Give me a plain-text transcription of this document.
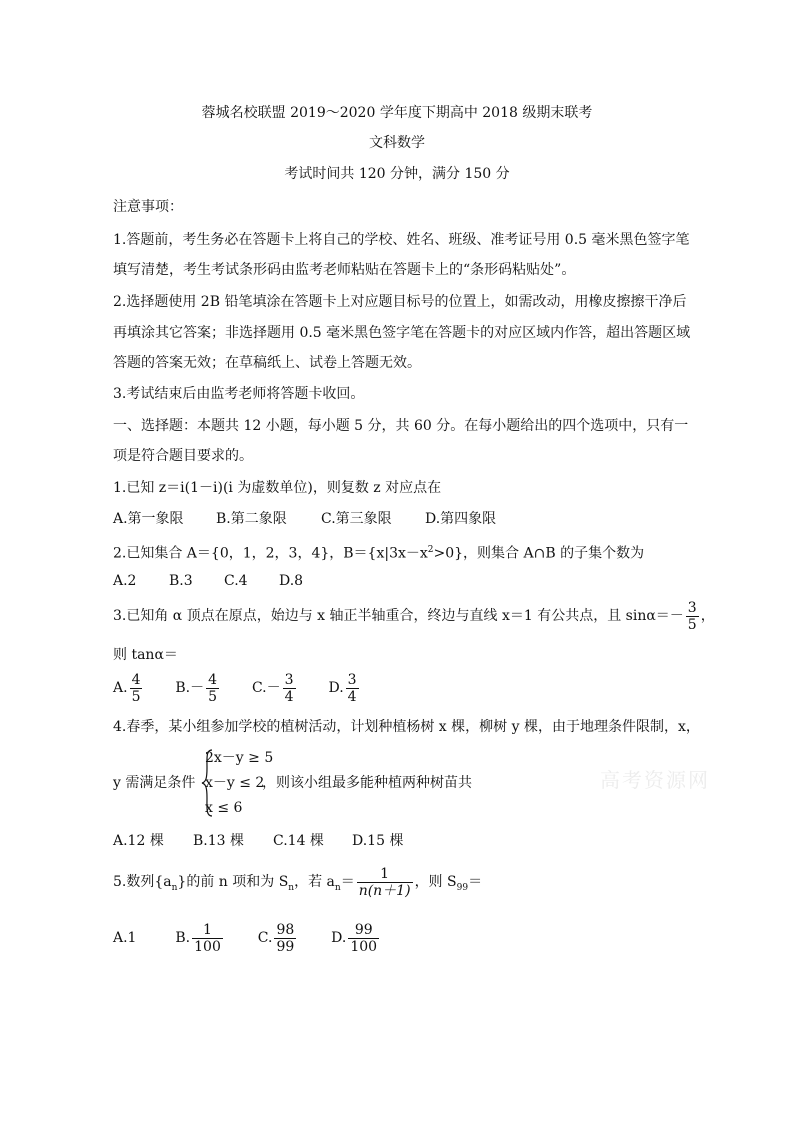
蓉城名校联盟 2019～2020 学年度下期高中 2018 级期末联考
文科数学
考试时间共 120 分钟，满分 150 分
注意事项：
1.答题前，考生务必在答题卡上将自己的学校、姓名、班级、准考证号用 0.5 毫米黑色签字笔
填写清楚，考生考试条形码由监考老师粘贴在答题卡上的“条形码粘贴处”。
2.选择题使用 2B 铅笔填涂在答题卡上对应题目标号的位置上，如需改动，用橡皮擦擦干净后
再填涂其它答案；非选择题用 0.5 毫米黑色签字笔在答题卡的对应区域内作答，超出答题区域
答题的答案无效；在草稿纸上、试卷上答题无效。
3.考试结束后由监考老师将答题卡收回。
一、选择题：本题共 12 小题，每小题 5 分，共 60 分。在每小题给出的四个选项中，只有一
项是符合题目要求的。
1.已知 z＝i(1－i)(i 为虚数单位)，则复数 z 对应点在
A.第一象限 B.第二象限 C.第三象限 D.第四象限
2.已知集合 A＝{0，1，2，3，4}，$B=\{x|3x-x^2>0\}$，则集合 A∩B 的子集个数为
A.2 B.3 C.4 D.8
3.已知角 α 顶点在原点，始边与 x 轴正半轴重合，终边与直线 x＝1 有公共点，且 $\sin\alpha=- \frac{3}{5}$ ，
则 tanα＝
A. $\frac{4}{5} B.- \frac{4}{5} C.- \frac{3}{4} D$. $\frac{3}{4}$
4.春季，某小组参加学校的植树活动，计划种植杨树 x 棵，柳树 y 棵，由于地理条件限制，x，
y 需满足条件
2x－y ≥ 5
x－y ≤ 2
x ≤ 6
，则该小组最多能种植两种树苗共	高考资源网
A.12 棵 B.13 棵 C.14 棵 D.15 棵
5.数列$\{a_n\}$的前 n 项和为 $S_n$，若 $a_n= \frac{1}{n(n+1)}$ ，则 $S_{99}=$
A.1	B. $\frac{1}{100} C$. $\frac{98}{99} D$. $\frac{99}{100}$
